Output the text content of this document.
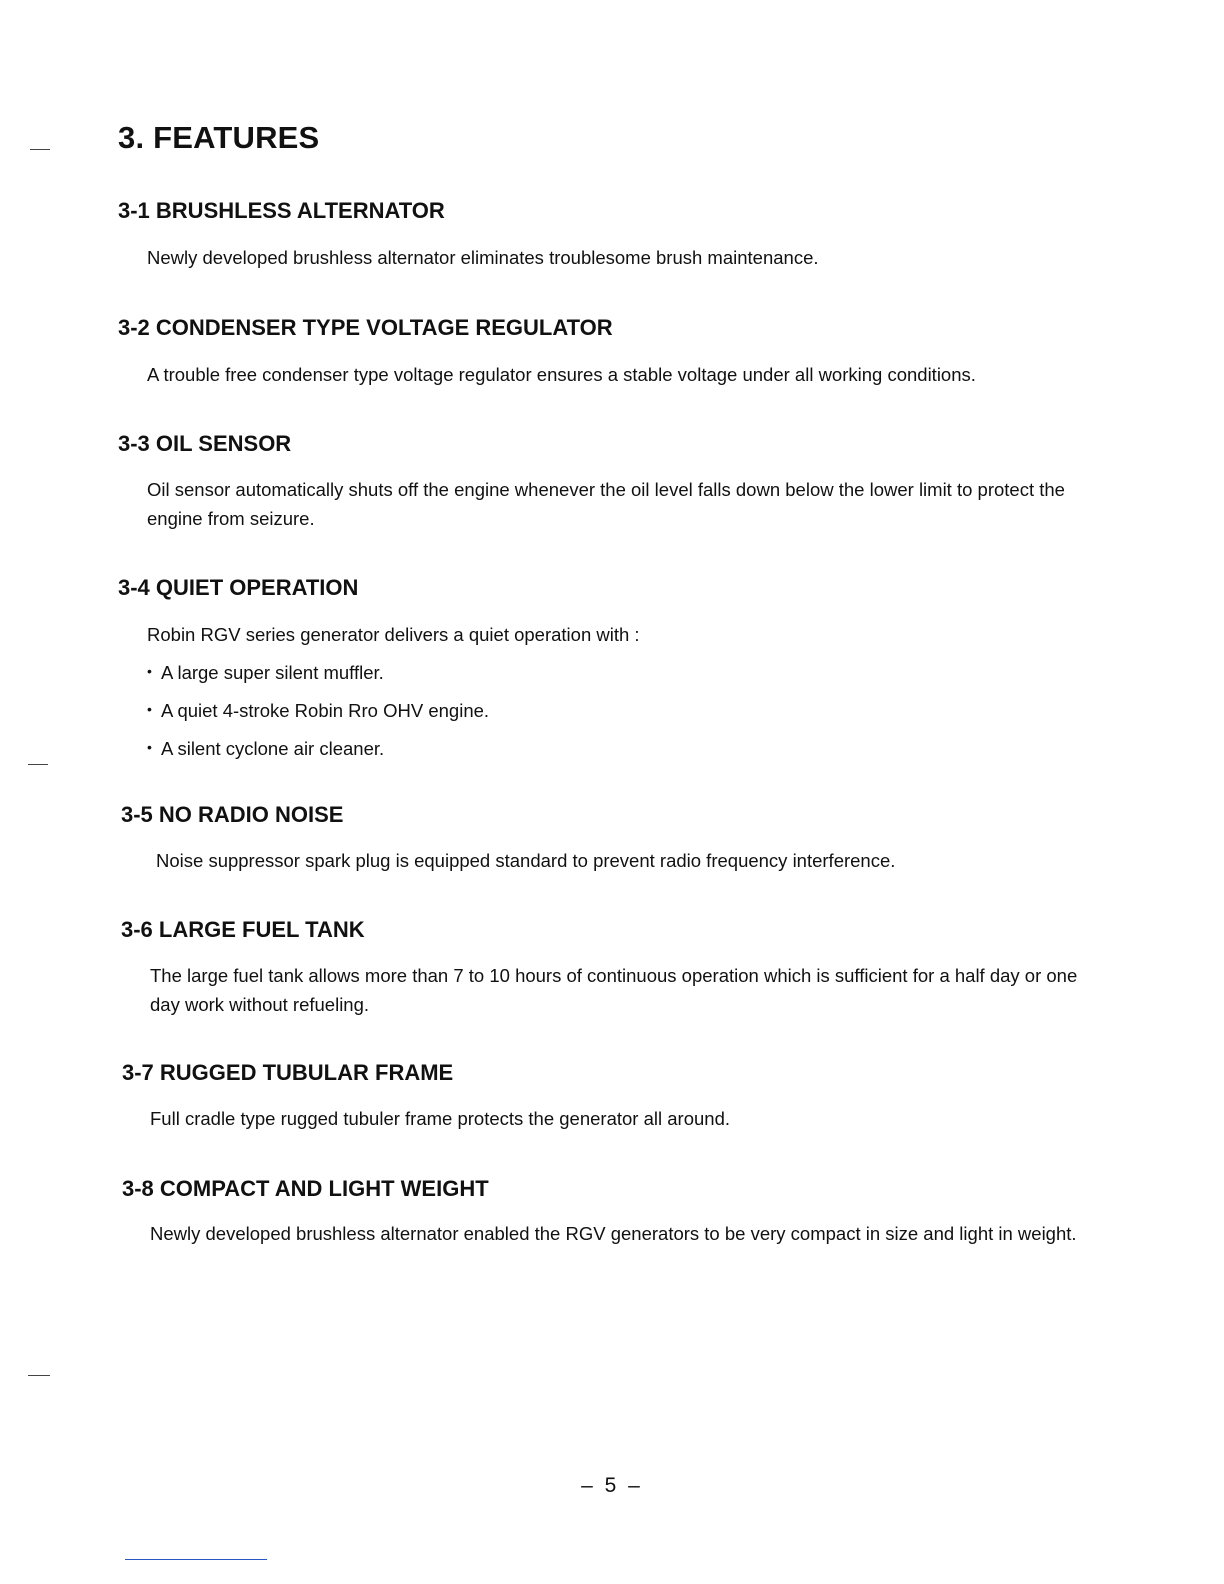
3. FEATURES
3-1 BRUSHLESS ALTERNATOR

Newly developed brushless alternator eliminates troublesome brush maintenance.

3-2 CONDENSER TYPE VOLTAGE REGULATOR

A trouble free condenser type voltage regulator ensures a stable voltage under all working conditions.

3-3 OIL SENSOR

Oil sensor automatically shuts off the engine whenever the oil level falls down below the lower limit to protect the engine from seizure.

3-4 QUIET OPERATION

Robin RGV series generator delivers a quiet operation with :

• A large super silent muffler.
• A quiet 4-stroke Robin Rro OHV engine.
• A silent cyclone air cleaner.
3-5 NO RADIO NOISE

Noise suppressor spark plug is equipped standard to prevent radio frequency interference.

3-6 LARGE FUEL TANK

The large fuel tank allows more than 7 to 10 hours of continuous operation which is sufficient for a half day or one day work without refueling.

3-7 RUGGED TUBULAR FRAME

Full cradle type rugged tubuler frame protects the generator all around.

3-8 COMPACT AND LIGHT WEIGHT

Newly developed brushless alternator enabled the RGV generators to be very compact in size and light in weight.

– 5 –
